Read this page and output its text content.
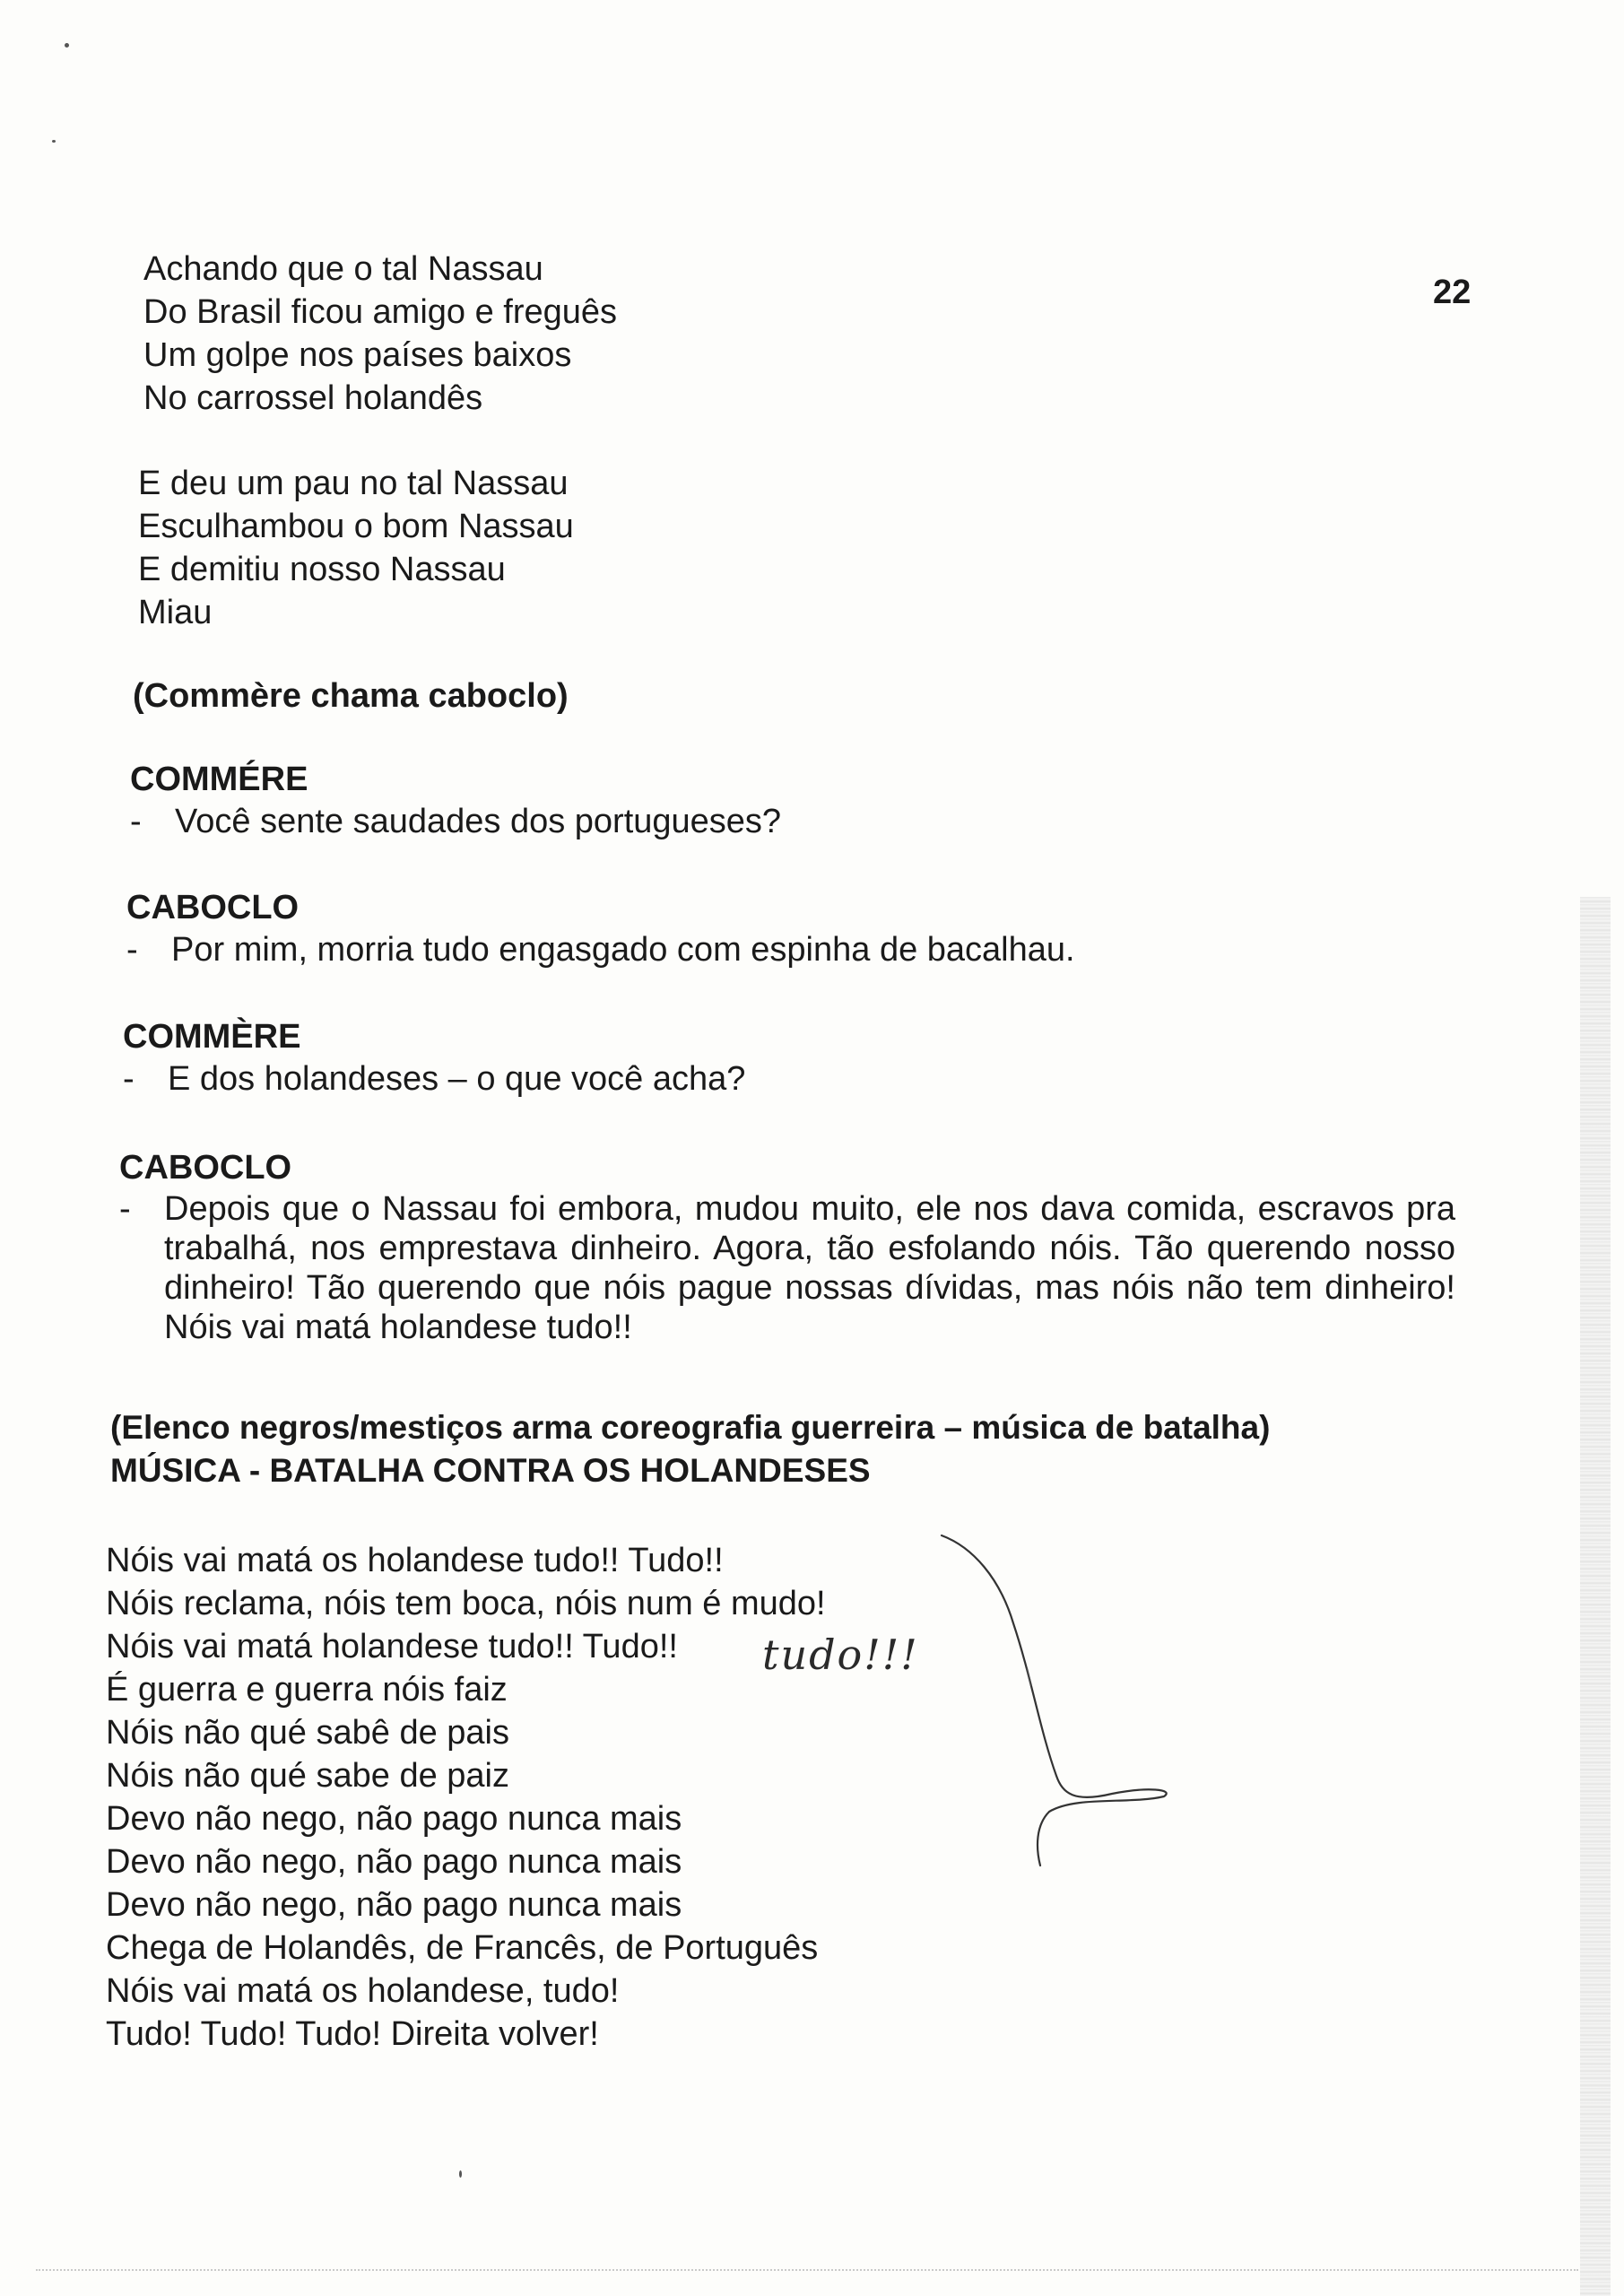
22

Achando que o tal Nassau
Do Brasil ficou amigo e freguês
Um golpe nos países baixos
No carrossel holandês
E deu um pau no tal Nassau
Esculhambou o bom Nassau
E demitiu nosso Nassau
Miau
(Commère chama caboclo)
COMMÉRE
- Você sente saudades dos portugueses?
CABOCLO
- Por mim, morria tudo engasgado com espinha de bacalhau.
COMMÈRE
- E dos holandeses – o que você acha?
CABOCLO
- Depois que o Nassau foi embora, mudou muito, ele nos dava comida, escravos pra trabalhá, nos emprestava dinheiro. Agora, tão esfolando nóis. Tão querendo nosso dinheiro! Tão querendo que nóis pague nossas dívidas, mas nóis não tem dinheiro! Nóis vai matá holandese tudo!!
(Elenco negros/mestiços arma coreografia guerreira – música de batalha)
MÚSICA - BATALHA CONTRA OS HOLANDESES
Nóis vai matá os holandese tudo!! Tudo!!
Nóis reclama, nóis tem boca, nóis num é mudo!
Nóis vai matá holandese tudo!! Tudo!!
É guerra e guerra nóis faiz
Nóis não qué sabê de pais
Nóis não qué sabe de paiz
Devo não nego, não pago nunca mais
Devo não nego, não pago nunca mais
Devo não nego, não pago nunca mais
Chega de Holandês, de Francês, de Português
Nóis vai matá os holandese, tudo!
Tudo! Tudo! Tudo! Direita volver!
tudo!!!
